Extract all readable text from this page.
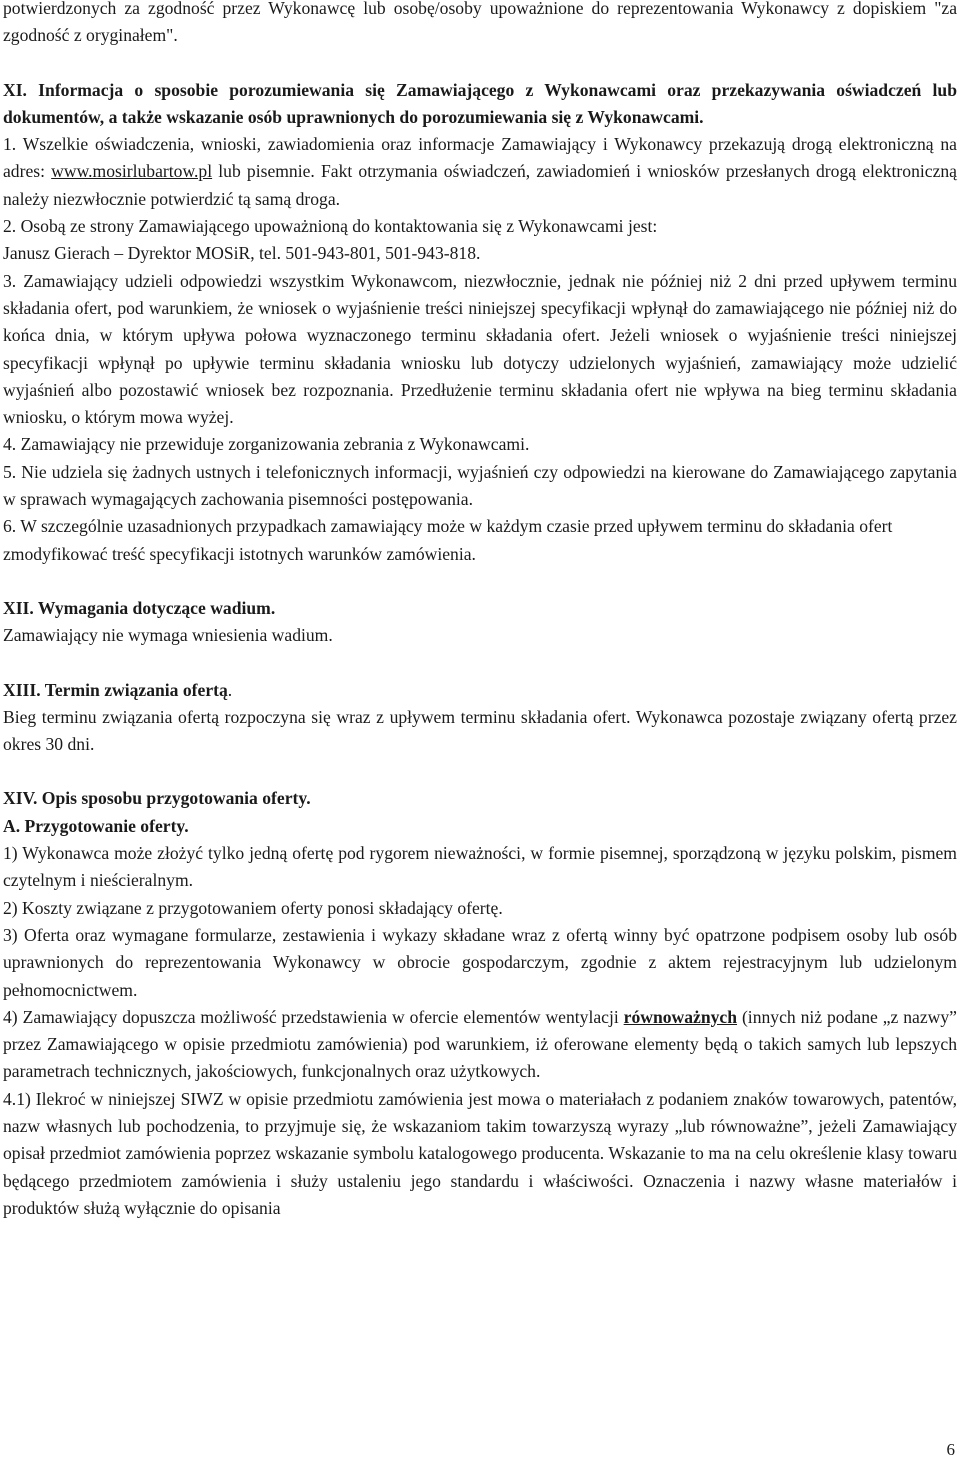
potwierdzonych za zgodność przez Wykonawcę lub osobę/osoby upoważnione do reprezentowania Wykonawcy z dopiskiem "za zgodność z oryginałem".

XI. Informacja o sposobie porozumiewania się Zamawiającego z Wykonawcami oraz przekazywania oświadczeń lub dokumentów, a także wskazanie osób uprawnionych do porozumiewania się z Wykonawcami.

1. Wszelkie oświadczenia, wnioski, zawiadomienia oraz informacje Zamawiający i Wykonawcy przekazują drogą elektroniczną na adres: www.mosirlubartow.pl lub pisemnie. Fakt otrzymania oświadczeń, zawiadomień i wniosków przesłanych drogą elektroniczną należy niezwłocznie potwierdzić tą samą droga.

2. Osobą ze strony Zamawiającego upoważnioną do kontaktowania się z Wykonawcami jest:

Janusz Gierach – Dyrektor MOSiR, tel. 501-943-801, 501-943-818.

3. Zamawiający udzieli odpowiedzi wszystkim Wykonawcom, niezwłocznie, jednak nie później niż 2 dni przed upływem terminu składania ofert, pod warunkiem, że wniosek o wyjaśnienie treści niniejszej specyfikacji wpłynął do zamawiającego nie później niż do końca dnia, w którym upływa połowa wyznaczonego terminu składania ofert. Jeżeli wniosek o wyjaśnienie treści niniejszej specyfikacji wpłynął po upływie terminu składania wniosku lub dotyczy udzielonych wyjaśnień, zamawiający może udzielić wyjaśnień albo pozostawić wniosek bez rozpoznania. Przedłużenie terminu składania ofert nie wpływa na bieg terminu składania wniosku, o którym mowa wyżej.

4. Zamawiający nie przewiduje zorganizowania zebrania z Wykonawcami.

5. Nie udziela się żadnych ustnych i telefonicznych informacji, wyjaśnień czy odpowiedzi na kierowane do Zamawiającego zapytania w sprawach wymagających zachowania pisemności postępowania.

6. W szczególnie uzasadnionych przypadkach zamawiający może w każdym czasie przed upływem terminu do składania ofert zmodyfikować treść specyfikacji istotnych warunków zamówienia.

XII. Wymagania dotyczące wadium.

Zamawiający nie wymaga wniesienia wadium.

XIII. Termin związania ofertą.

Bieg terminu związania ofertą rozpoczyna się wraz z upływem terminu składania ofert. Wykonawca pozostaje związany ofertą przez okres 30 dni.

XIV. Opis sposobu przygotowania oferty.

A. Przygotowanie oferty.

1) Wykonawca może złożyć tylko jedną ofertę pod rygorem nieważności, w formie pisemnej, sporządzoną w języku polskim, pismem czytelnym i nieścieralnym.

2) Koszty związane z przygotowaniem oferty ponosi składający ofertę.

3) Oferta oraz wymagane formularze, zestawienia i wykazy składane wraz z ofertą winny być opatrzone podpisem osoby lub osób uprawnionych do reprezentowania Wykonawcy w obrocie gospodarczym, zgodnie z aktem rejestracyjnym lub udzielonym pełnomocnictwem.

4) Zamawiający dopuszcza możliwość przedstawienia w ofercie elementów wentylacji równoważnych (innych niż podane „z nazwy” przez Zamawiającego w opisie przedmiotu zamówienia) pod warunkiem, iż oferowane elementy będą o takich samych lub lepszych parametrach technicznych, jakościowych, funkcjonalnych oraz użytkowych.

4.1) Ilekroć w niniejszej SIWZ w opisie przedmiotu zamówienia jest mowa o materiałach z podaniem znaków towarowych, patentów, nazw własnych lub pochodzenia, to przyjmuje się, że wskazaniom takim towarzyszą wyrazy „lub równoważne”, jeżeli Zamawiający opisał przedmiot zamówienia poprzez wskazanie symbolu katalogowego producenta. Wskazanie to ma na celu określenie klasy towaru będącego przedmiotem zamówienia i służy ustaleniu jego standardu i właściwości. Oznaczenia i nazwy własne materiałów i produktów służą wyłącznie do opisania

6
